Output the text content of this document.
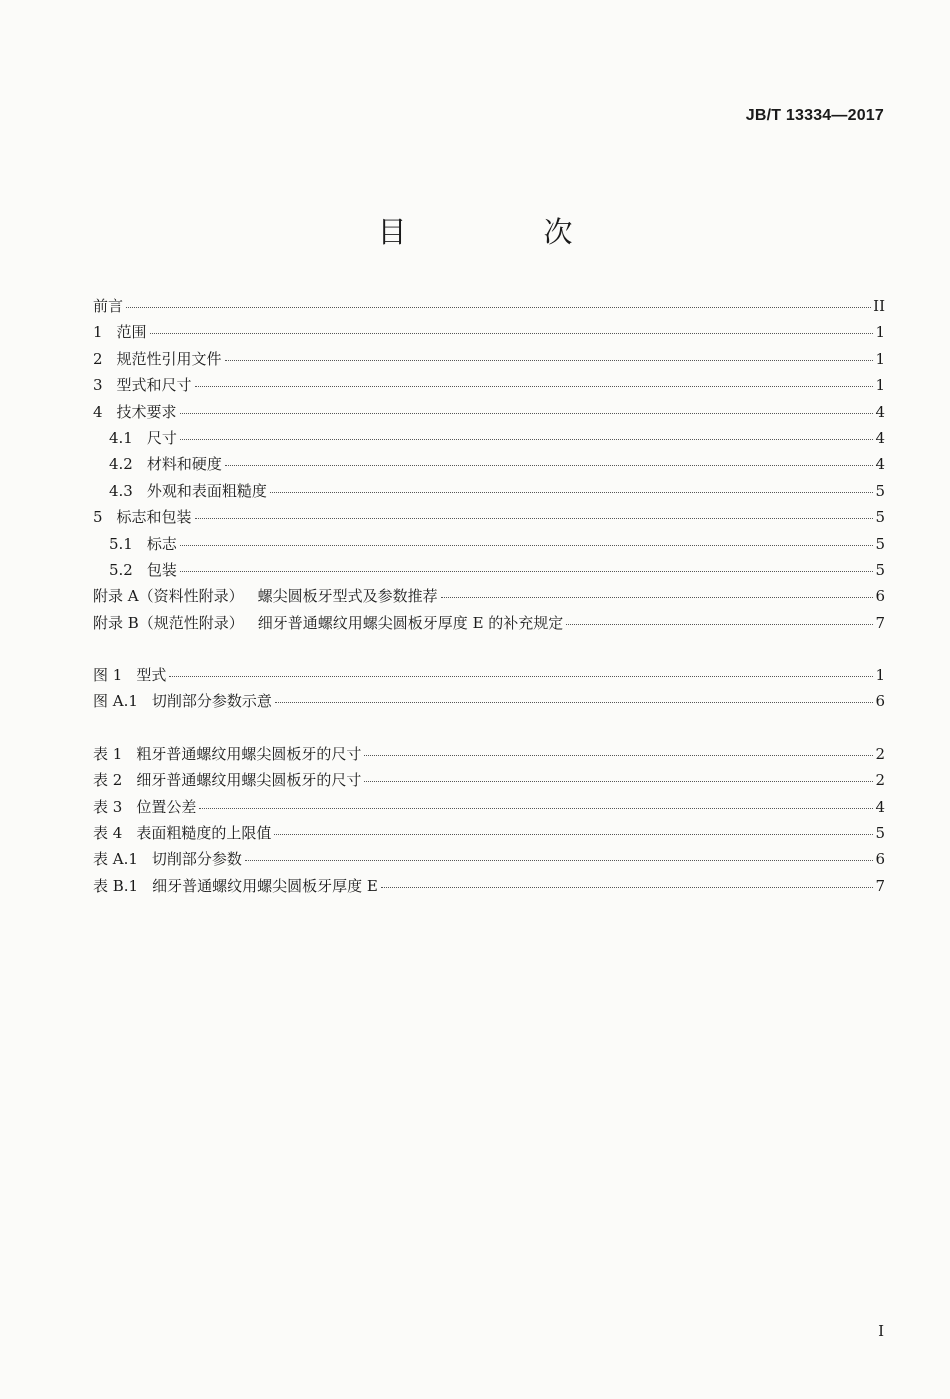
JB/T 13334—2017
目　次
前言	II
1 范围	1
2 规范性引用文件	1
3 型式和尺寸	1
4 技术要求	4
4.1 尺寸	4
4.2 材料和硬度	4
4.3 外观和表面粗糙度	5
5 标志和包装	5
5.1 标志	5
5.2 包装	5
附录 A（资料性附录） 螺尖圆板牙型式及参数推荐	6
附录 B（规范性附录） 细牙普通螺纹用螺尖圆板牙厚度 E 的补充规定	7
图 1 型式	1
图 A.1 切削部分参数示意	6
表 1 粗牙普通螺纹用螺尖圆板牙的尺寸	2
表 2 细牙普通螺纹用螺尖圆板牙的尺寸	2
表 3 位置公差	4
表 4 表面粗糙度的上限值	5
表 A.1 切削部分参数	6
表 B.1 细牙普通螺纹用螺尖圆板牙厚度 E	7
I
